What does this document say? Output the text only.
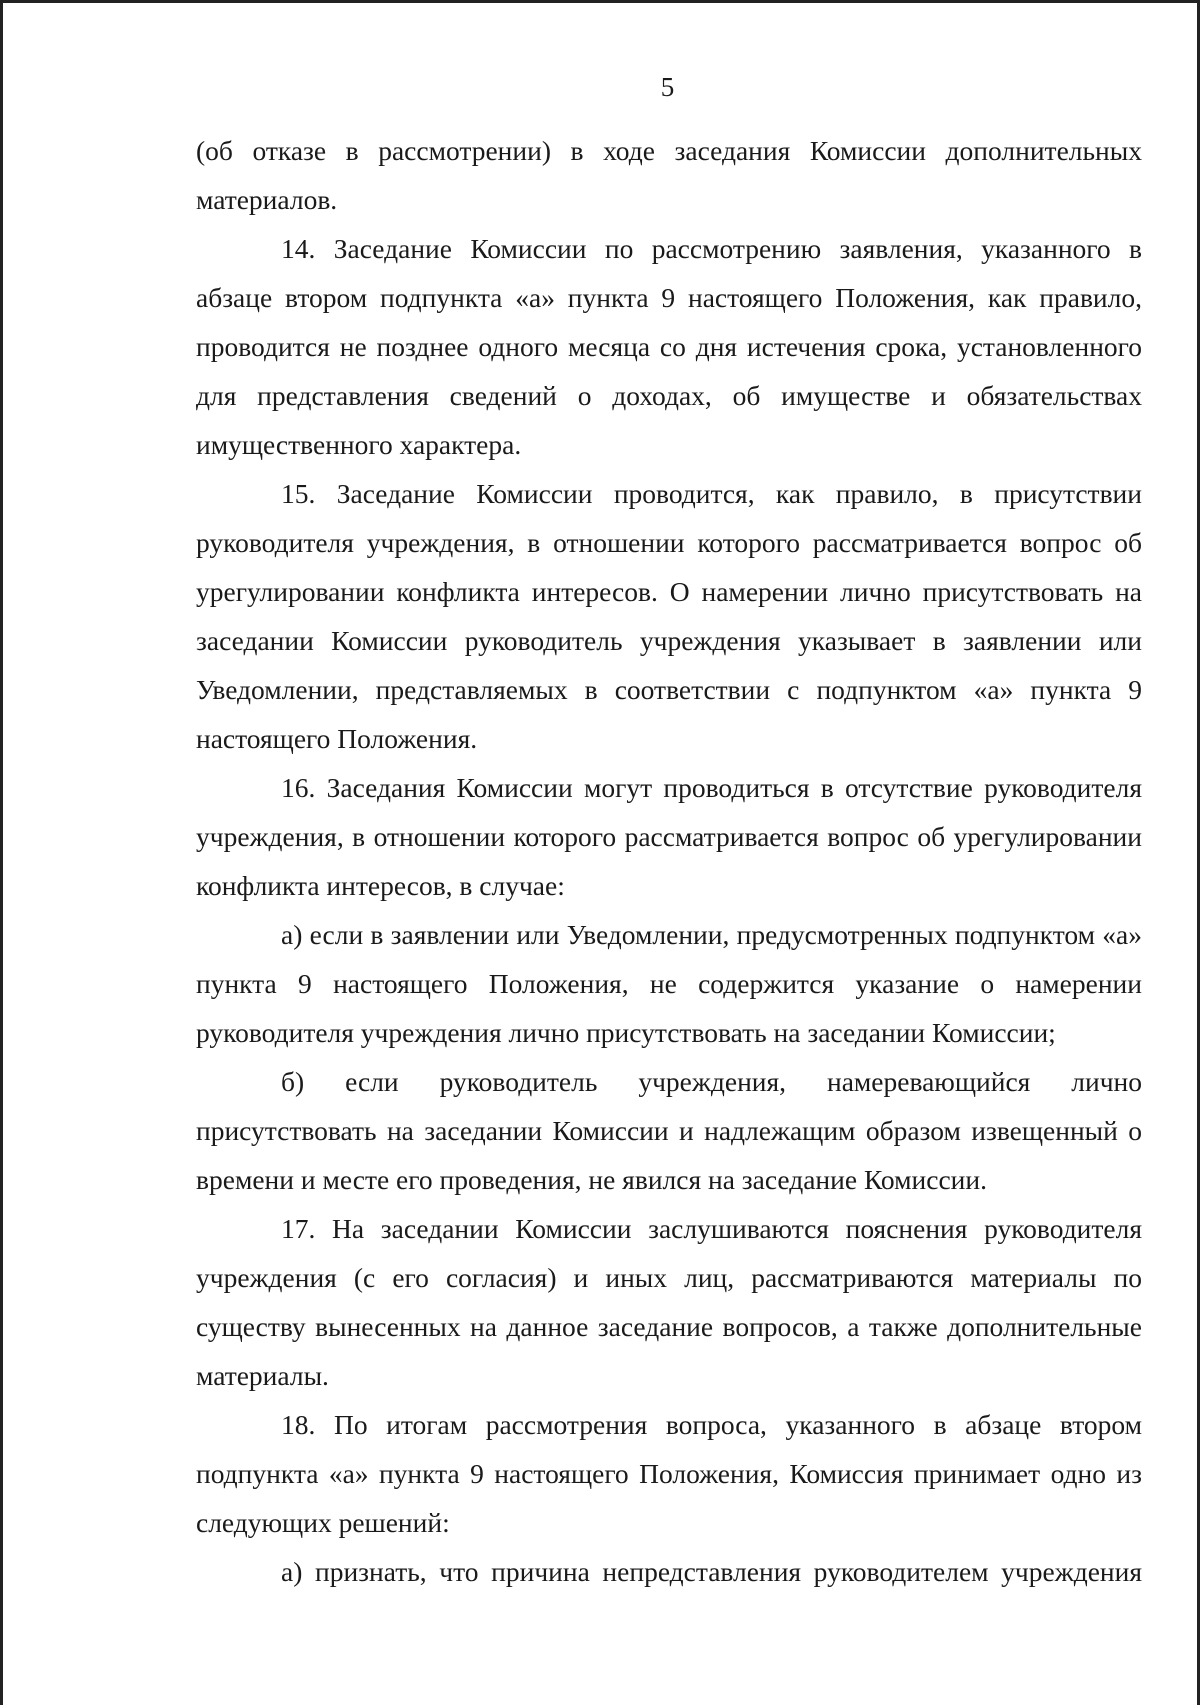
5

(об отказе в рассмотрении) в ходе заседания Комиссии дополнительных материалов.

14. Заседание Комиссии по рассмотрению заявления, указанного в абзаце втором подпункта «а» пункта 9 настоящего Положения, как правило, проводится не позднее одного месяца со дня истечения срока, установленного для представления сведений о доходах, об имуществе и обязательствах имущественного характера.

15. Заседание Комиссии проводится, как правило, в присутствии руководителя учреждения, в отношении которого рассматривается вопрос об урегулировании конфликта интересов. О намерении лично присутствовать на заседании Комиссии руководитель учреждения указывает в заявлении или Уведомлении, представляемых в соответствии с подпунктом «а» пункта 9 настоящего Положения.

16. Заседания Комиссии могут проводиться в отсутствие руководителя учреждения, в отношении которого рассматривается вопрос об урегулировании конфликта интересов, в случае:

а) если в заявлении или Уведомлении, предусмотренных подпунктом «а» пункта 9 настоящего Положения, не содержится указание о намерении руководителя учреждения лично присутствовать на заседании Комиссии;

б) если руководитель учреждения, намеревающийся лично присутствовать на заседании Комиссии и надлежащим образом извещенный о времени и месте его проведения, не явился на заседание Комиссии.

17. На заседании Комиссии заслушиваются пояснения руководителя учреждения (с его согласия) и иных лиц, рассматриваются материалы по существу вынесенных на данное заседание вопросов, а также дополнительные материалы.

18. По итогам рассмотрения вопроса, указанного в абзаце втором подпункта «а» пункта 9 настоящего Положения, Комиссия принимает одно из следующих решений:

а) признать, что причина непредставления руководителем учреждения
